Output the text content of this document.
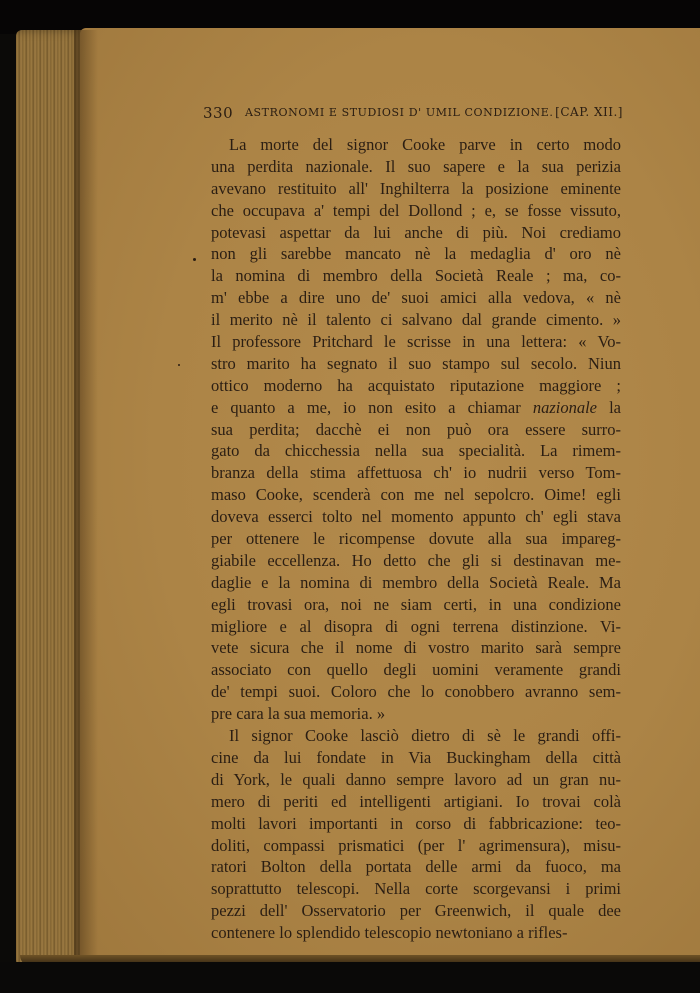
330 ASTRONOMI E STUDIOSI D' UMIL CONDIZIONE. [CAP. XII.]
La morte del signor Cooke parve in certo modo
una perdita nazionale. Il suo sapere e la sua perizia
avevano restituito all' Inghilterra la posizione eminente
che occupava a' tempi del Dollond ; e, se fosse vissuto,
potevasi aspettar da lui anche di più. Noi crediamo
non gli sarebbe mancato nè la medaglia d' oro nè
la nomina di membro della Società Reale ; ma, co-
m' ebbe a dire uno de' suoi amici alla vedova, « nè
il merito nè il talento ci salvano dal grande cimento. »
Il professore Pritchard le scrisse in una lettera: « Vo-
stro marito ha segnato il suo stampo sul secolo. Niun
ottico moderno ha acquistato riputazione maggiore ;
e quanto a me, io non esito a chiamar nazionale la
sua perdita; dacchè ei non può ora essere surro-
gato da chicchessia nella sua specialità. La rimem-
branza della stima affettuosa ch' io nudrii verso Tom-
maso Cooke, scenderà con me nel sepolcro. Oime! egli
doveva esserci tolto nel momento appunto ch' egli stava
per ottenere le ricompense dovute alla sua impareg-
giabile eccellenza. Ho detto che gli si destinavan me-
daglie e la nomina di membro della Società Reale. Ma
egli trovasi ora, noi ne siam certi, in una condizione
migliore e al disopra di ogni terrena distinzione. Vi-
vete sicura che il nome di vostro marito sarà sempre
associato con quello degli uomini veramente grandi
de' tempi suoi. Coloro che lo conobbero avranno sem-
pre cara la sua memoria. »
Il signor Cooke lasciò dietro di sè le grandi offi-
cine da lui fondate in Via Buckingham della città
di York, le quali danno sempre lavoro ad un gran nu-
mero di periti ed intelligenti artigiani. Io trovai colà
molti lavori importanti in corso di fabbricazione: teo-
doliti, compassi prismatici (per l' agrimensura), misu-
ratori Bolton della portata delle armi da fuoco, ma
soprattutto telescopi. Nella corte scorgevansi i primi
pezzi dell' Osservatorio per Greenwich, il quale dee
contenere lo splendido telescopio newtoniano a rifles-
